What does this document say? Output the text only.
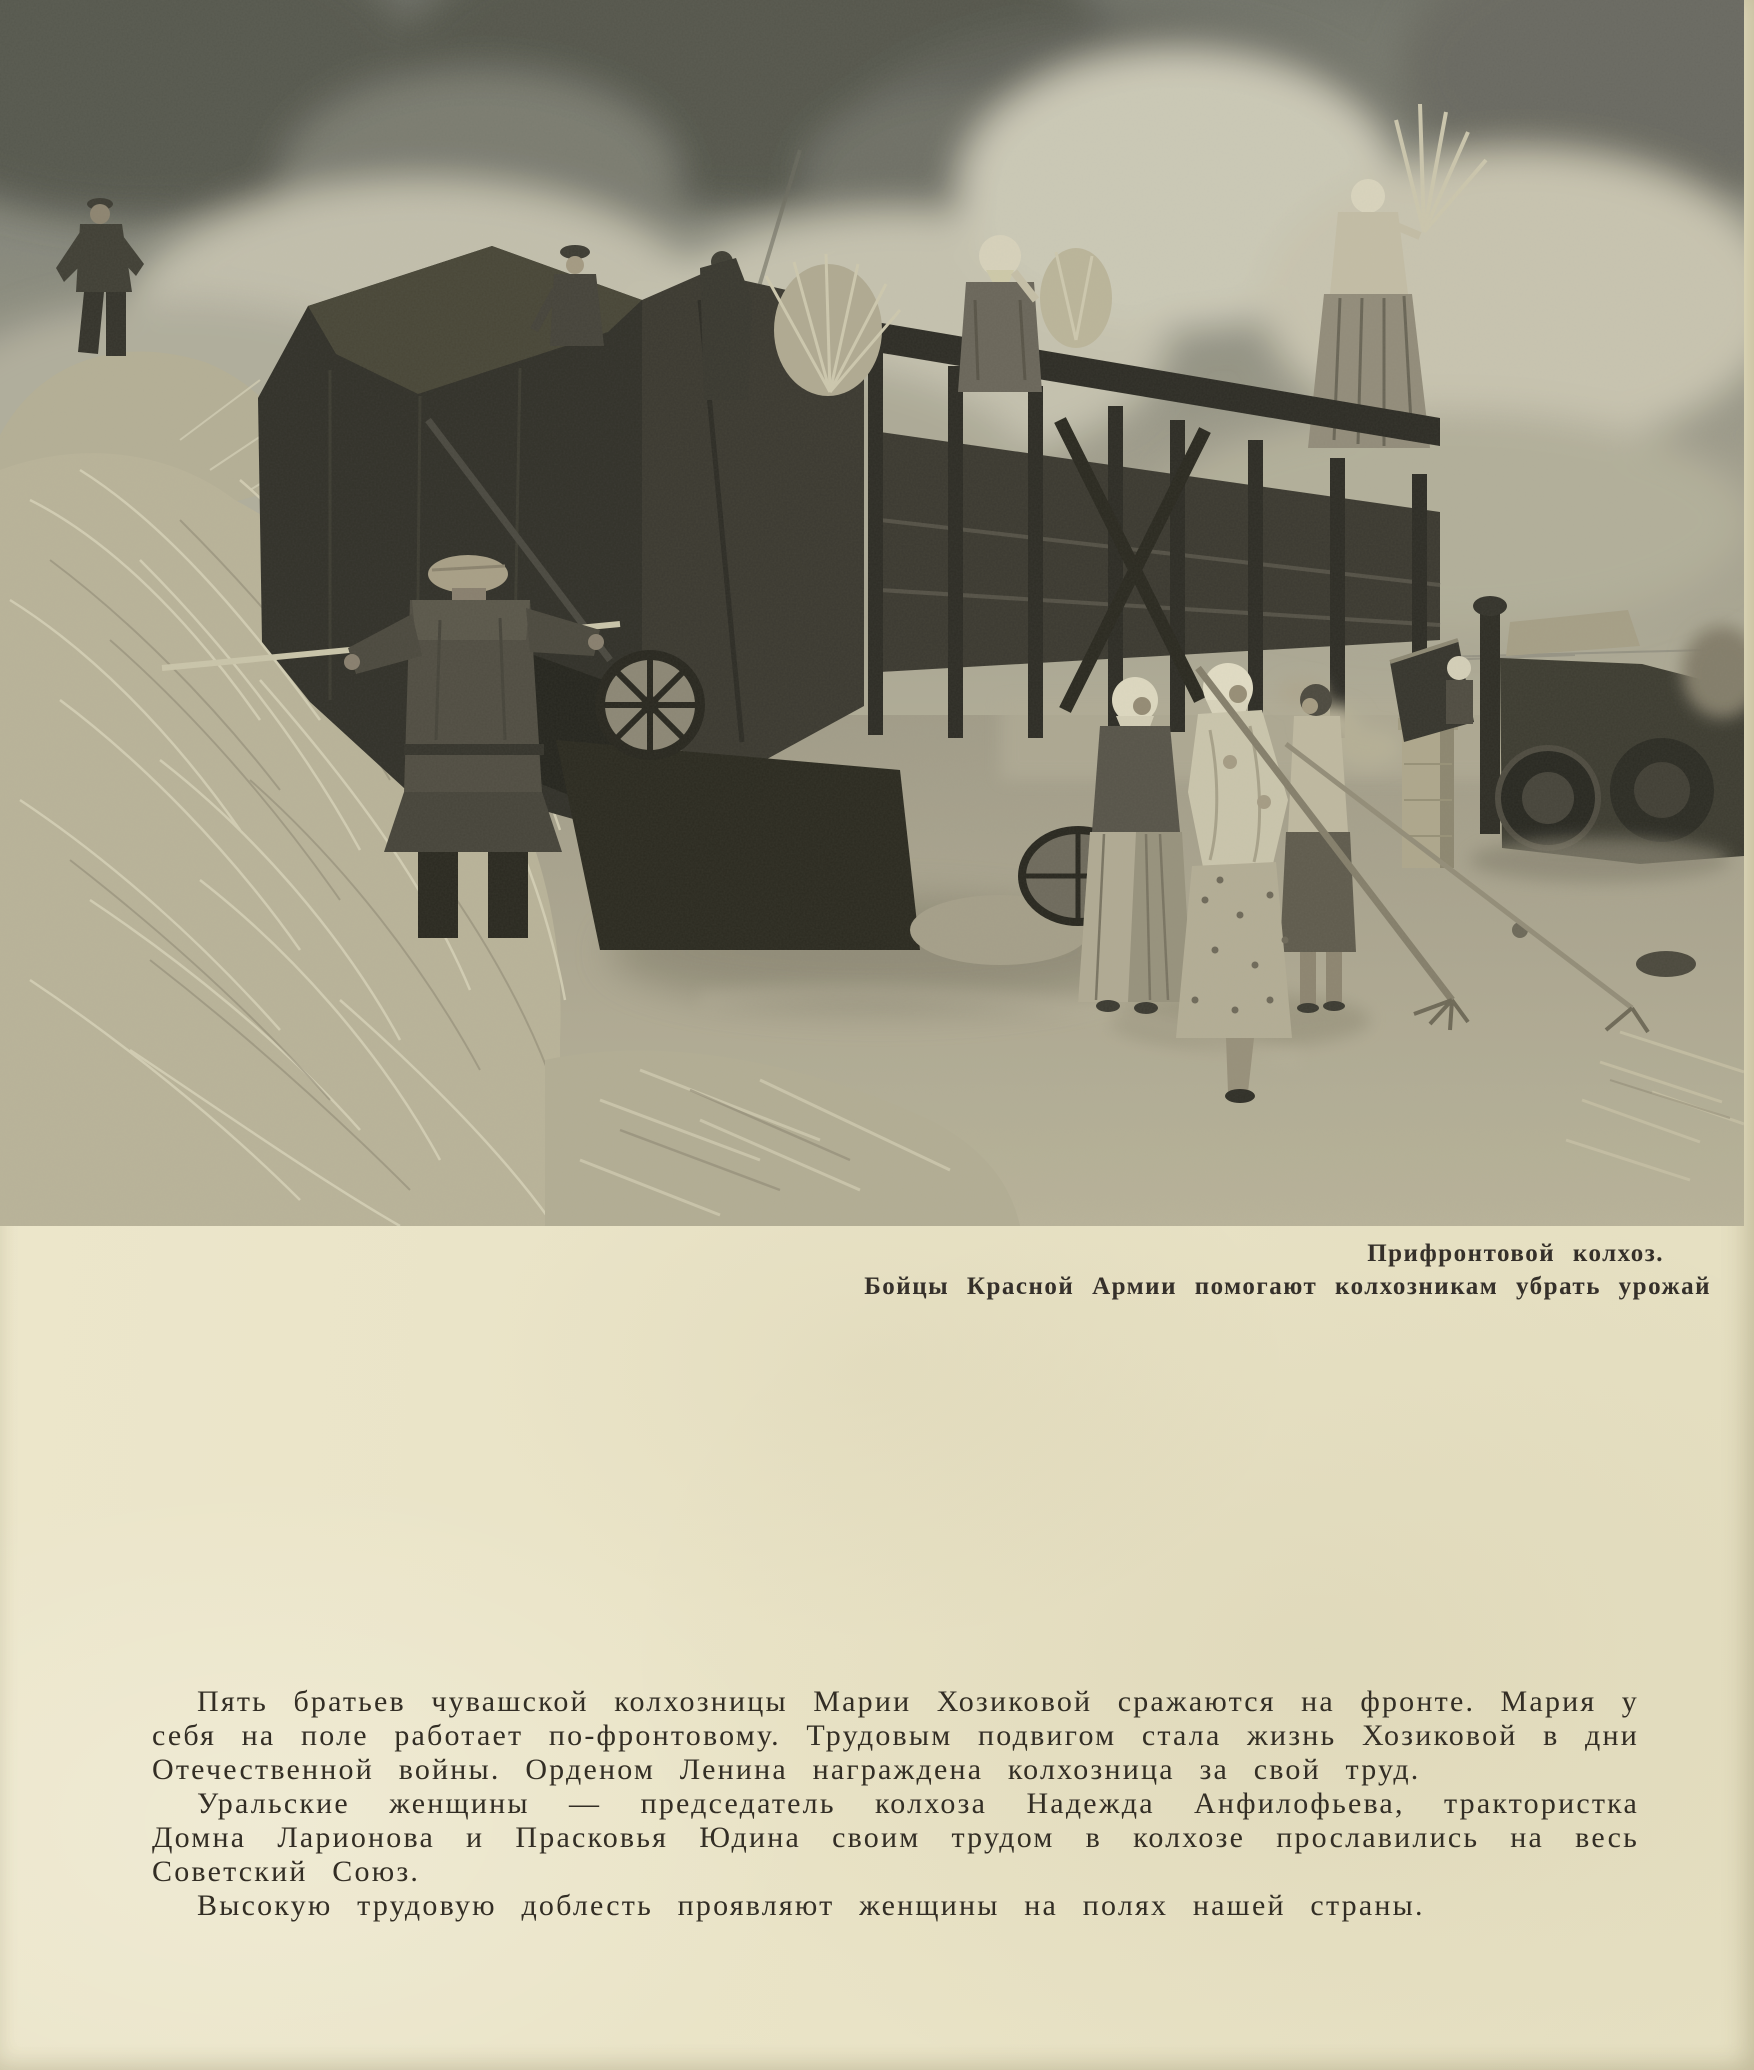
Прифронтовой колхоз.
Бойцы Красной Армии помогают колхозникам убрать урожай

Пять братьев чувашской колхозницы Марии Хозиковой сражаются на фронте. Мария у себя на поле работает по-фронтовому. Трудовым подвигом стала жизнь Хозиковой в дни Отечественной войны. Орденом Ленина награждена колхозница за свой труд.

Уральские женщины — председатель колхоза Надежда Анфилофьева, трактористка Домна Ларионова и Прасковья Юдина своим трудом в колхозе прославились на весь Советский Союз.

Высокую трудовую доблесть проявляют женщины на полях нашей страны.
